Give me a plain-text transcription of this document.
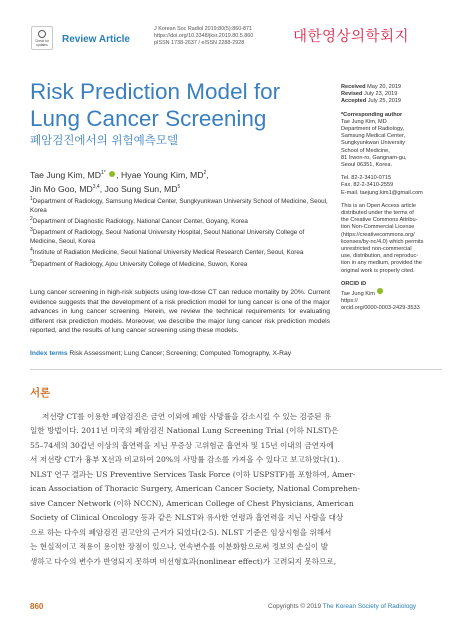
Check for updates	Review Article
J Korean Soc Radiol 2019;80(5):860-871
https://doi.org/10.3348/jksr.2019.80.5.860
pISSN 1738-2637 / eISSN 2288-2928	대한영상의학회지
Risk Prediction Model for
Lung Cancer Screening
폐암검진에서의 위험예측모델
Tae Jung Kim, $MD^{1*}$ , Hyae Young Kim, $MD^2$,
Jin Mo Goo, MD$^{3,4}$, Joo Sung Sun, $MD^5$
$^1$Department of Radiology, Samsung Medical Center, Sungkyunkwan University School of Medicine, Seoul, Korea
$^2$Department of Diagnostic Radiology, National Cancer Center, Goyang, Korea
$^3$Department of Radiology, Seoul National University Hospital, Seoul National University College of Medicine, Seoul, Korea
$^4$Institute of Radiation Medicine, Seoul National University Medical Research Center, Seoul, Korea
$^5$Department of Radiology, Ajou University College of Medicine, Suwon, Korea
Received May 20, 2019
Revised July 23, 2019
Accepted July 25, 2019
*Corresponding author
Tae Jung Kim, MD
Department of Radiology,
Samsung Medical Center,
Sungkyunkwan University
School of Medicine,
81 Irwon-ro, Gangnam-gu,
Seoul 06351, Korea.
Tel. 82-2-3410-0715
Fax. 82-2-3410-2559
E-mail. taejung.kim1@gmail.com
This is an Open Access article
distributed under the terms of
the Creative Commons Attribu-
tion Non-Commercial License
(https://creativecommons.org/
licenses/by-nc/4.0) which permits
unrestricted non-commercial
use, distribution, and reproduc-
tion in any medium, provided the
original work is properly cited.
ORCID iD
Tae Jung Kim
https://
orcid.org/0000-0003-2429-3533

Lung cancer screening in high-risk subjects using low-dose CT can reduce mortality by 20%. Current evidence suggests that the development of a risk prediction model for lung cancer is one of the major advances in lung cancer screening. Herein, we review the technical requirements for evaluating different risk prediction models. Moreover, we describe the major lung cancer risk prediction models reported, and the results of lung cancer screening using these models.

Index terms Risk Assessment; Lung Cancer; Screening; Computed Tomography, X-Ray
서론

저선량 CT를 이용한 폐암검진은 금연 이외에 폐암 사망률을 감소시킬 수 있는 검증된 유

일한 방법이다. 2011년 미국의 폐암검진 National Lung Screening Trial (이하 NLST)은

55–74세의 30갑년 이상의 흡연력을 지닌 무증상 고위험군 흡연자 및 15년 이내의 금연자에

서 저선량 CT가 흉부 X선과 비교하여 20%의 사망률 감소를 가져올 수 있다고 보고하였다(1).

NLST 연구 결과는 US Preventive Services Task Force (이하 USPSTF)를 포함하여, Amer-

ican Association of Thoracic Surgery, American Cancer Society, National Comprehen-

sive Cancer Network (이하 NCCN), American College of Chest Physicians, American

Society of Clinical Oncology 등과 같은 NLST와 유사한 연령과 흡연력을 지닌 사람을 대상

으로 하는 다수의 폐암검진 권고안의 근거가 되었다(2-5). NLST 기준은 임상시험을 위해서

는 현실적이고 적용이 용이한 장점이 있으나, 연속변수를 이분화함으로써 정보의 손실이 발

생하고 다수의 변수가 반영되지 못하며 비선형효과(nonlinear effect)가 고려되지 못하므로,

860	Copyrights © 2019 The Korean Society of Radiology
